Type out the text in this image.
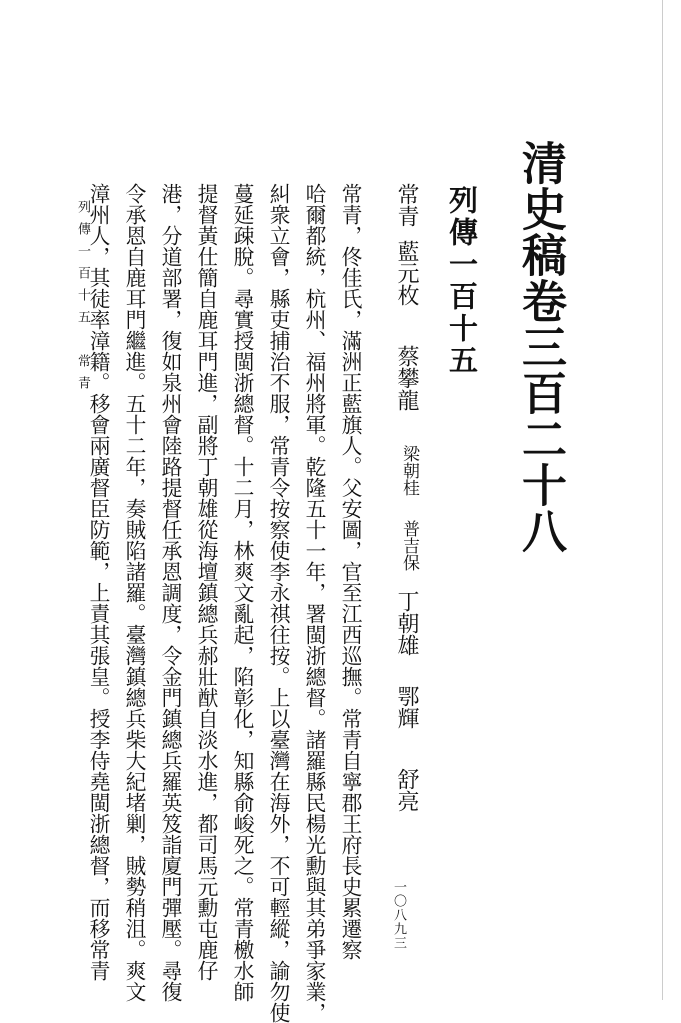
清史稿卷三百二十八
列傳一百十五
常青
藍元枚
蔡攀龍
梁朝桂
普吉保
丁朝雄
鄂輝
舒亮
常青，佟佳氏，滿洲正藍旗人。父安圖，官至江西巡撫。常青自寧郡王府長史累遷察
哈爾都統，杭州、福州將軍。乾隆五十一年，署閩浙總督。諸羅縣民楊光勳與其弟爭家業，
糾衆立會，縣吏捕治不服，常青令按察使李永祺往按。上以臺灣在海外，不可輕縱，諭勿使
蔓延疎脫。尋實授閩浙總督。十二月，林爽文亂起，陷彰化，知縣俞峻死之。常青檄水師
提督黃仕簡自鹿耳門進，副將丁朝雄從海壇鎮總兵郝壯猷自淡水進，都司馬元勳屯鹿仔
港，分道部署，復如泉州會陸路提督任承恩調度，令金門鎮總兵羅英笈詣廈門彈壓。尋復
令承恩自鹿耳門繼進。五十二年，奏賊陷諸羅。臺灣鎮總兵柴大紀堵剿，賊勢稍沮。爽文
漳州人，其徒率漳籍。移會兩廣督臣防範，上責其張皇。授李侍堯閩浙總督，而移常青
列傳一百十五　常青
一〇八九三
